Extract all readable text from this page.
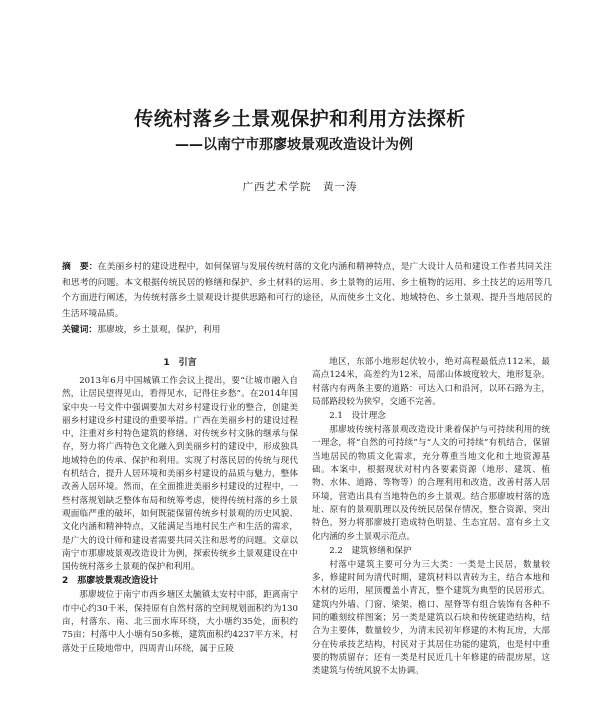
传统村落乡土景观保护和利用方法探析
——以南宁市那廖坡景观改造设计为例

广西艺术学院　黄一涛

摘　要：在美丽乡村的建设进程中，如何保留与发展传统村落的文化内涵和精神特点，是广大设计人员和建设工作者共同关注和思考的问题。本文根据传统民居的修缮和保护、乡土材料的运用、乡土景物的运用、乡土植物的运用、乡土技艺的运用等几个方面进行阐述，为传统村落乡土景观设计提供思路和可行的途径，从而使乡土文化、地域特色、乡土景观、提升当地居民的生活环境品质。

关键词：那廖坡，乡土景观，保护，利用

1　引言

2013年6月中国城镇工作会议上提出，要“让城市融入自然，让居民望得见山，看得见水，记得住乡愁”。在2014年国家中央一号文件中强调要加大对乡村建设行业的整合，创建美丽乡村建设乡村建设的重要举措。广西在美丽乡村的建设过程中，注重对乡村特色建筑的修缮、对传统乡村文脉的继承与保存，努力将广西特色文化融入到美丽乡村的建设中，形成独具地域特色的传承、保护和利用。实现了村落民居的传统与现代有机结合，提升人居环境和美丽乡村建设的品质与魅力，整体改善人居环境。然而，在全面推进美丽乡村建设的过程中，一些村落规划缺乏整体布局和统筹考虑，使得传统村落的乡土景观面临严重的破坏，如何既能保留传统乡村景观的历史风貌、文化内涵和精神特点，又能满足当地村民生产和生活的需求，是广大的设计师和建设者需要共同关注和思考的问题。文章以南宁市那廖坡景观改造设计为例，探索传统乡土景观建设在中国传统村落乡土景观的保护和利用。

2　那廖坡景观改造设计

那廖坡位于南宁市西乡塘区太毓镇太安村中部，距离南宁市中心约30千米，保持原有自然村落的空间规划面积约为130亩，村落东、南、北三面水库环绕，大小塘约35处，面积约75亩；村落中人小塘有50多栋，建筑面积约4237平方米，村落处于丘陵地带中，四周青山环绕，属于丘陵

地区，东部小地形起伏较小，绝对高程最低点112米，最高点124米，高差约为12米，局部山体坡度较大，地形复杂。村落内有两条主要的道路：可达入口和沿河，以环石路为主，局部路段较为狭窄，交通不完善。

2.1　设计理念

那廖坡传统村落景观改造设计秉着保护与可持续利用的统一理念，将“自然的可持续”与“人文的可持续”有机结合，保留当地居民的物质文化需求，充分尊重当地文化和土地资源基础。本案中，根据现状对村内各要素资源（地形、建筑、植物、水体、道路、等物等）的合理利用和改造，改善村落人居环境，营造出具有当地特色的乡土景观。结合那廖坡村落的选址、原有的景观肌理以及传统民居保存情况，整合资源，突出特色，努力将那廖坡打造成特色明显、生态宜居、富有乡土文化内涵的乡土景观示范点。

2.2　建筑修缮和保护

村落中建筑主要可分为三大类：一类是土民居，数量较多，修建时间为清代时期，建筑材料以青砖为主，结合本地和木材的运用，屋顶覆盖小青瓦，整个建筑为典型的民居形式。建筑内外墙、门窗、梁架、檐口、屋脊等有组合装饰有各种不同的雕刻纹样图案；另一类是建筑以石块和传统建造结构，结合为主要体，数量较少，为清末民初年修建的木构瓦房，大部分在传承技艺结构，村民对于其居住功能的建筑，也是村中重要的物质留存；还有一类是村民近几十年修建的砖混房屋，这类建筑与传统风貌不太协调。
